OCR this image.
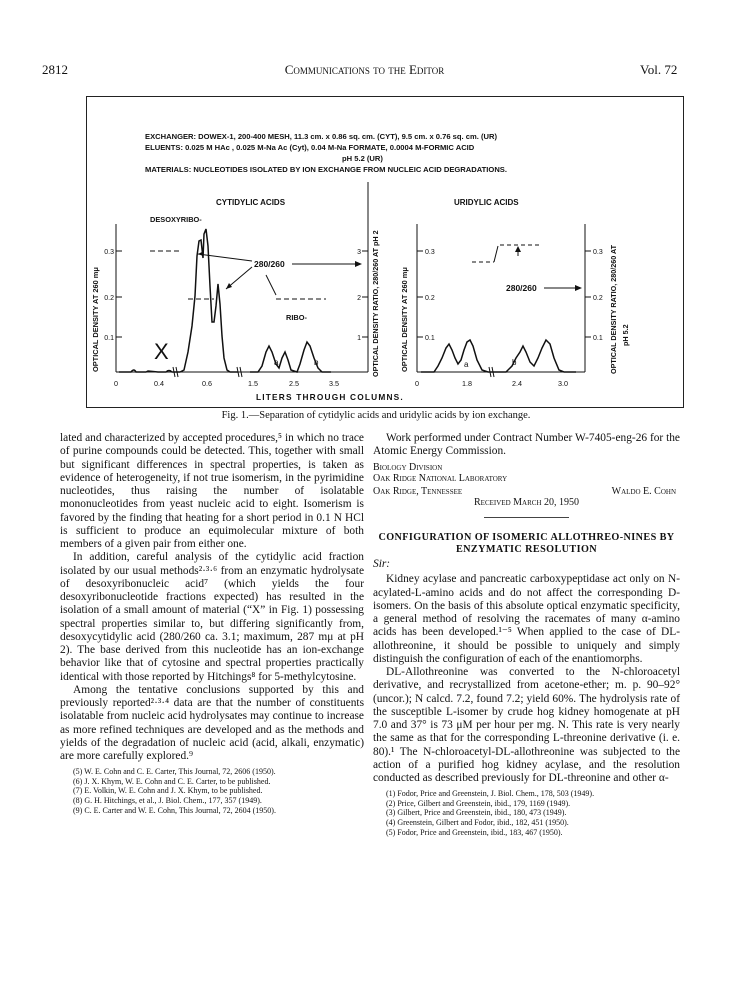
2812	Communications to the Editor	Vol. 72
EXCHANGER: DOWEX-1, 200-400 MESH, 11.3 cm. x 0.86 sq. cm. (CYT), 9.5 cm. x 0.76 sq. cm. (UR)
ELUENTS: 0.025 M HAc , 0.025 M-Na Ac (Cyt), 0.04 M-Na FORMATE, 0.0004 M-FORMIC ACID
pH 5.2 (UR)
MATERIALS: NUCLEOTIDES ISOLATED BY ION EXCHANGE FROM NUCLEIC ACID DEGRADATIONS.
CYTIDYLIC ACIDS
0.3
0.2
0.1
OPTICAL DENSITY AT 260 mμ
3
2
1 OPTICAL DENSITY RATIO, 280/260 AT pH 2
DESOXYRIBO-
280/260
RIBO-
X	a	b
0	0.4	0.6	1.5	2.5	3.5
URIDYLIC ACIDS
0.3
0.2
0.1
OPTICAL DENSITY AT 260 mμ
0.3
0.2
0.1 OPTICAL DENSITY RATIO, 280/260 AT pH 5.2
280/260
a	b
0	1.8	2.4	3.0
LITERS THROUGH COLUMNS.
Fig. 1.—Separation of cytidylic acids and uridylic acids by ion exchange.

lated and characterized by accepted procedures,⁵ in which no trace of purine compounds could be detected. This, together with small but significant differences in spectral properties, is taken as evidence of heterogeneity, if not true isomerism, in the pyrimidine nucleotides, thus raising the number of isolatable mononucleotides from yeast nucleic acid to eight. Isomerism is favored by the finding that heating for a short period in 0.1 N HCl is sufficient to produce an equimolecular mixture of both members of a given pair from either one.

In addition, careful analysis of the cytidylic acid fraction isolated by our usual methods²·³·⁶ from an enzymatic hydrolysate of desoxyribonucleic acid⁷ (which yields the four desoxyribonucleotide fractions expected) has resulted in the isolation of a small amount of material (“X” in Fig. 1) possessing spectral properties similar to, but differing significantly from, desoxycytidylic acid (280/260 ca. 3.1; maximum, 287 mμ at pH 2). The base derived from this nucleotide has an ion-exchange behavior like that of cytosine and spectral properties practically identical with those reported by Hitchings⁸ for 5-methylcytosine.

Among the tentative conclusions supported by this and previously reported²·³·⁴ data are that the number of constituents isolatable from nucleic acid hydrolysates may continue to increase as more refined techniques are developed and as the methods and yields of the degradation of nucleic acid (acid, alkali, enzymatic) are more carefully explored.⁹

(5) W. E. Cohn and C. E. Carter, This Journal, 72, 2606 (1950).

(6) J. X. Khym, W. E. Cohn and C. E. Carter, to be published.

(7) E. Volkin, W. E. Cohn and J. X. Khym, to be published.

(8) G. H. Hitchings, et al., J. Biol. Chem., 177, 357 (1949).

(9) C. E. Carter and W. E. Cohn, This Journal, 72, 2604 (1950).

Work performed under Contract Number W-7405-eng-26 for the Atomic Energy Commission.

Biology Division
Oak Ridge National Laboratory
Oak Ridge, Tennessee	Waldo E. Cohn
Received March 20, 1950
CONFIGURATION OF ISOMERIC ALLOTHREO-NINES BY ENZYMATIC RESOLUTION
Sir:

Kidney acylase and pancreatic carboxypeptidase act only on N-acylated-L-amino acids and do not affect the corresponding D-isomers. On the basis of this absolute optical enzymatic specificity, a general method of resolving the racemates of many α-amino acids has been developed.¹⁻⁵ When applied to the case of DL-allothreonine, it should be possible to uniquely and simply distinguish the configuration of each of the enantiomorphs.

DL-Allothreonine was converted to the N-chloroacetyl derivative, and recrystallized from acetone-ether; m. p. 90–92° (uncor.); N calcd. 7.2, found 7.2; yield 60%. The hydrolysis rate of the susceptible L-isomer by crude hog kidney homogenate at pH 7.0 and 37° is 73 μM per hour per mg. N. This rate is very nearly the same as that for the corresponding L-threonine derivative (i. e. 80).¹ The N-chloroacetyl-DL-allothreonine was subjected to the action of a purified hog kidney acylase, and the resolution conducted as described previously for DL-threonine and other α-

(1) Fodor, Price and Greenstein, J. Biol. Chem., 178, 503 (1949).

(2) Price, Gilbert and Greenstein, ibid., 179, 1169 (1949).

(3) Gilbert, Price and Greenstein, ibid., 180, 473 (1949).

(4) Greenstein, Gilbert and Fodor, ibid., 182, 451 (1950).

(5) Fodor, Price and Greenstein, ibid., 183, 467 (1950).
